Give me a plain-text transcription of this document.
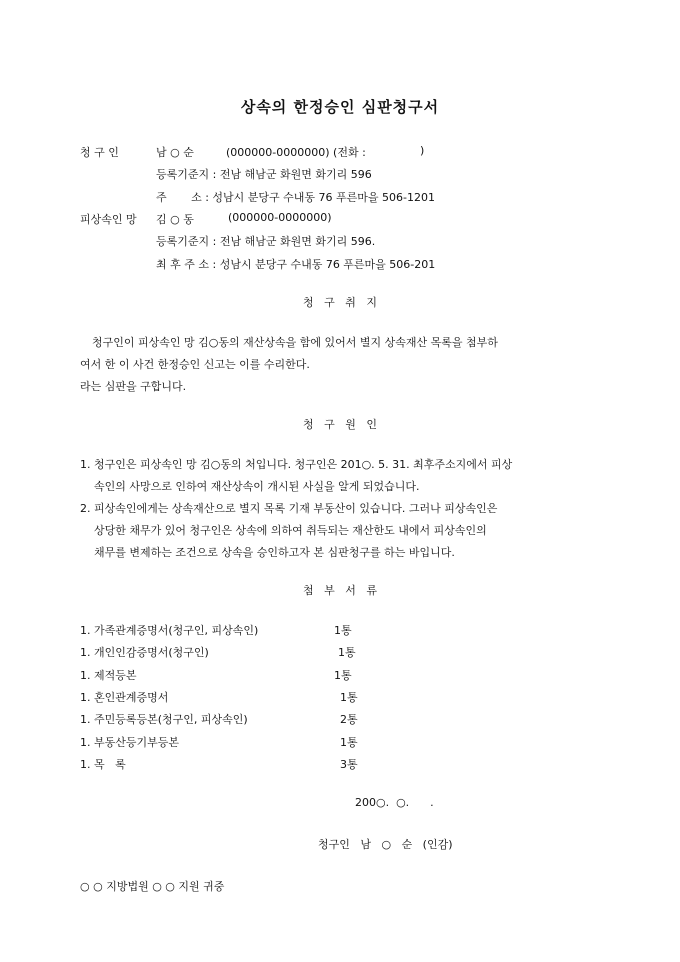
상속의 한정승인 심판청구서
청 구 인	남 ○ 순	(000000-0000000) (전화 :	)
등록기준지 : 전남 해남군 화원면 화기리 596
주       소 : 성남시 분당구 수내동 76 푸른마을 506-1201
피상속인 망 김 ○ 동	(000000-0000000)
등록기준지 : 전남 해남군 화원면 화기리 596.
최 후 주 소 : 성남시 분당구 수내동 76 푸른마을 506-201
청   구   취   지
청구인이 피상속인 망 김○동의 재산상속을 함에 있어서 별지 상속재산 목록을 첨부하
여서 한 이 사건 한정승인 신고는 이를 수리한다.
라는 심판을 구합니다.
청   구   원   인
1. 청구인은 피상속인 망 김○동의 처입니다. 청구인은 201○. 5. 31. 최후주소지에서 피상
속인의 사망으로 인하여 재산상속이 개시된 사실을 알게 되었습니다.
2. 피상속인에게는 상속재산으로 별지 목록 기재 부동산이 있습니다. 그러나 피상속인은
상당한 채무가 있어 청구인은 상속에 의하여 취득되는 재산한도 내에서 피상속인의
채무를 변제하는 조건으로 상속을 승인하고자 본 심판청구를 하는 바입니다.
첨   부   서   류
1. 가족관계증명서(청구인, 피상속인)	1통
1. 개인인감증명서(청구인)	1통
1. 제적등본	1통
1. 혼인관계증명서	1통
1. 주민등록등본(청구인, 피상속인)	2통
1. 부동산등기부등본	1통
1. 목   록	3통
200○.  ○.      .
청구인   남   ○   순   (인감)
○ ○ 지방법원 ○ ○ 지원 귀중
